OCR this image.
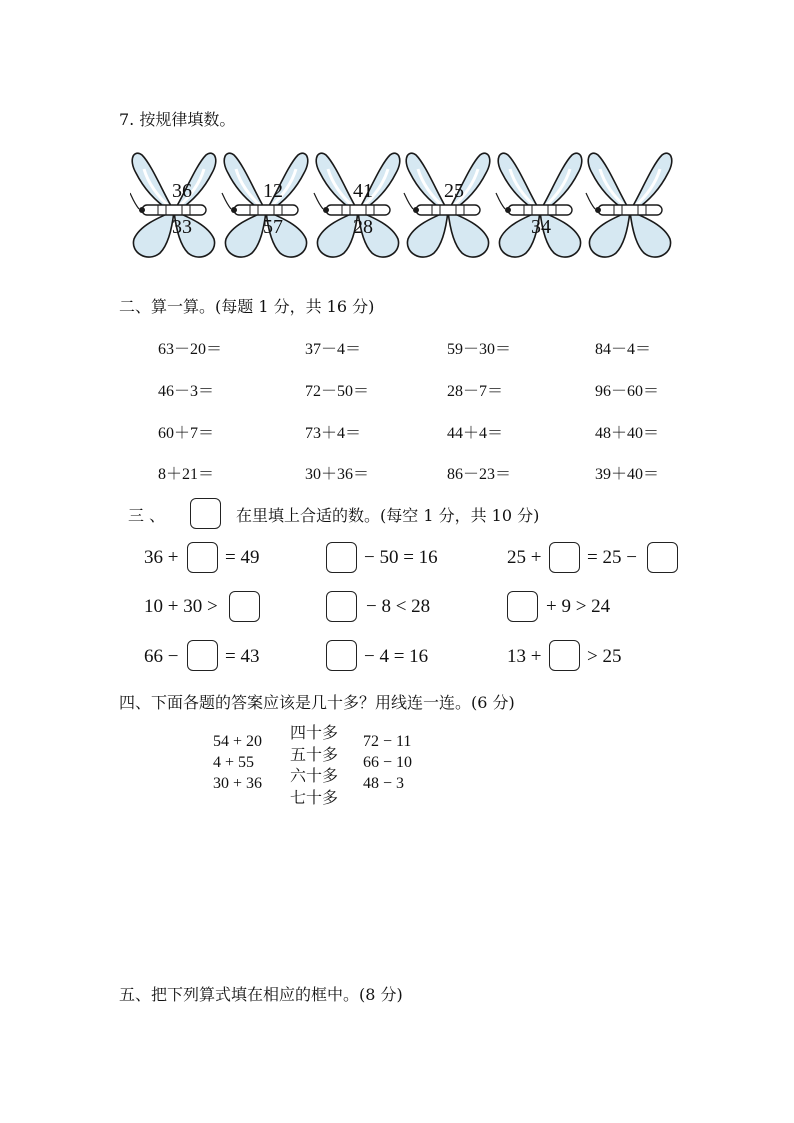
7. 按规律填数。
36
33
12
57
41
28
25
34
二、算一算。(每题 1 分，共 16 分)
63－20＝	37－4＝	59－30＝	84－4＝
46－3＝	72－50＝	28－7＝	96－60＝
60＋7＝	73＋4＝	44＋4＝	48＋40＝
8＋21＝	30＋36＝	86－23＝	39＋40＝
三 、	在里填上合适的数。(每空 1 分，共 10 分)
36 + = 49	− 50 = 16	25 + = 25 −
10 + 30 >	− 8 < 28	+ 9 > 24
66 − = 43	− 4 = 16	13 + > 25
四、下面各题的答案应该是几十多？用线连一连。(6 分)
54 + 20
4 + 55
30 + 36
四十多
五十多
六十多
七十多
72 − 11
66 − 10
48 − 3
五、把下列算式填在相应的框中。(8 分)
